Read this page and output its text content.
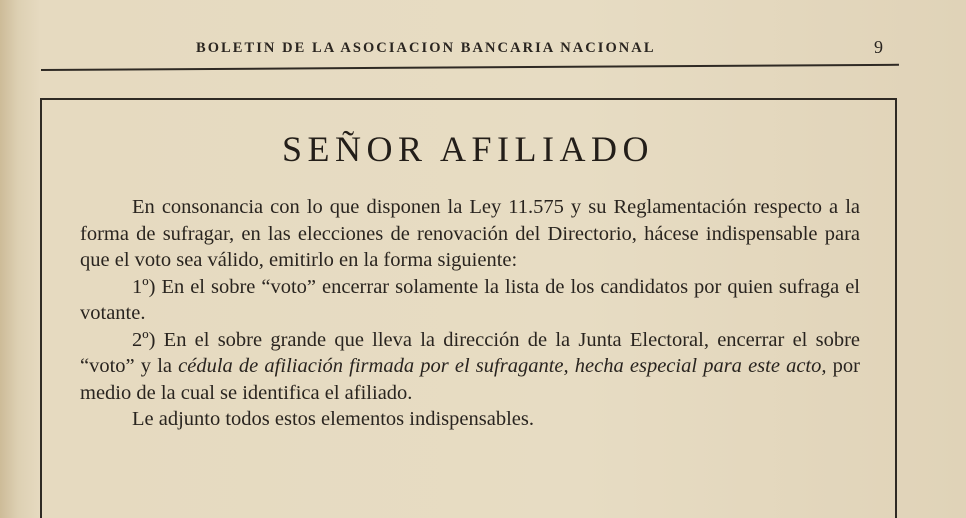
BOLETIN DE LA ASOCIACION BANCARIA NACIONAL	9
SEÑOR AFILIADO

En consonancia con lo que disponen la Ley 11.575 y su Reglamentación respecto a la forma de sufragar, en las elecciones de renovación del Directorio, hácese indispensable para que el voto sea válido, emitirlo en la forma siguiente:

1º) En el sobre “voto” encerrar solamente la lista de los candidatos por quien sufraga el votante.

2º) En el sobre grande que lleva la dirección de la Junta Electoral, encerrar el sobre “voto” y la cédula de afiliación firmada por el sufragante, hecha especial para este acto, por medio de la cual se identifica el afiliado.

Le adjunto todos estos elementos indispensables.
